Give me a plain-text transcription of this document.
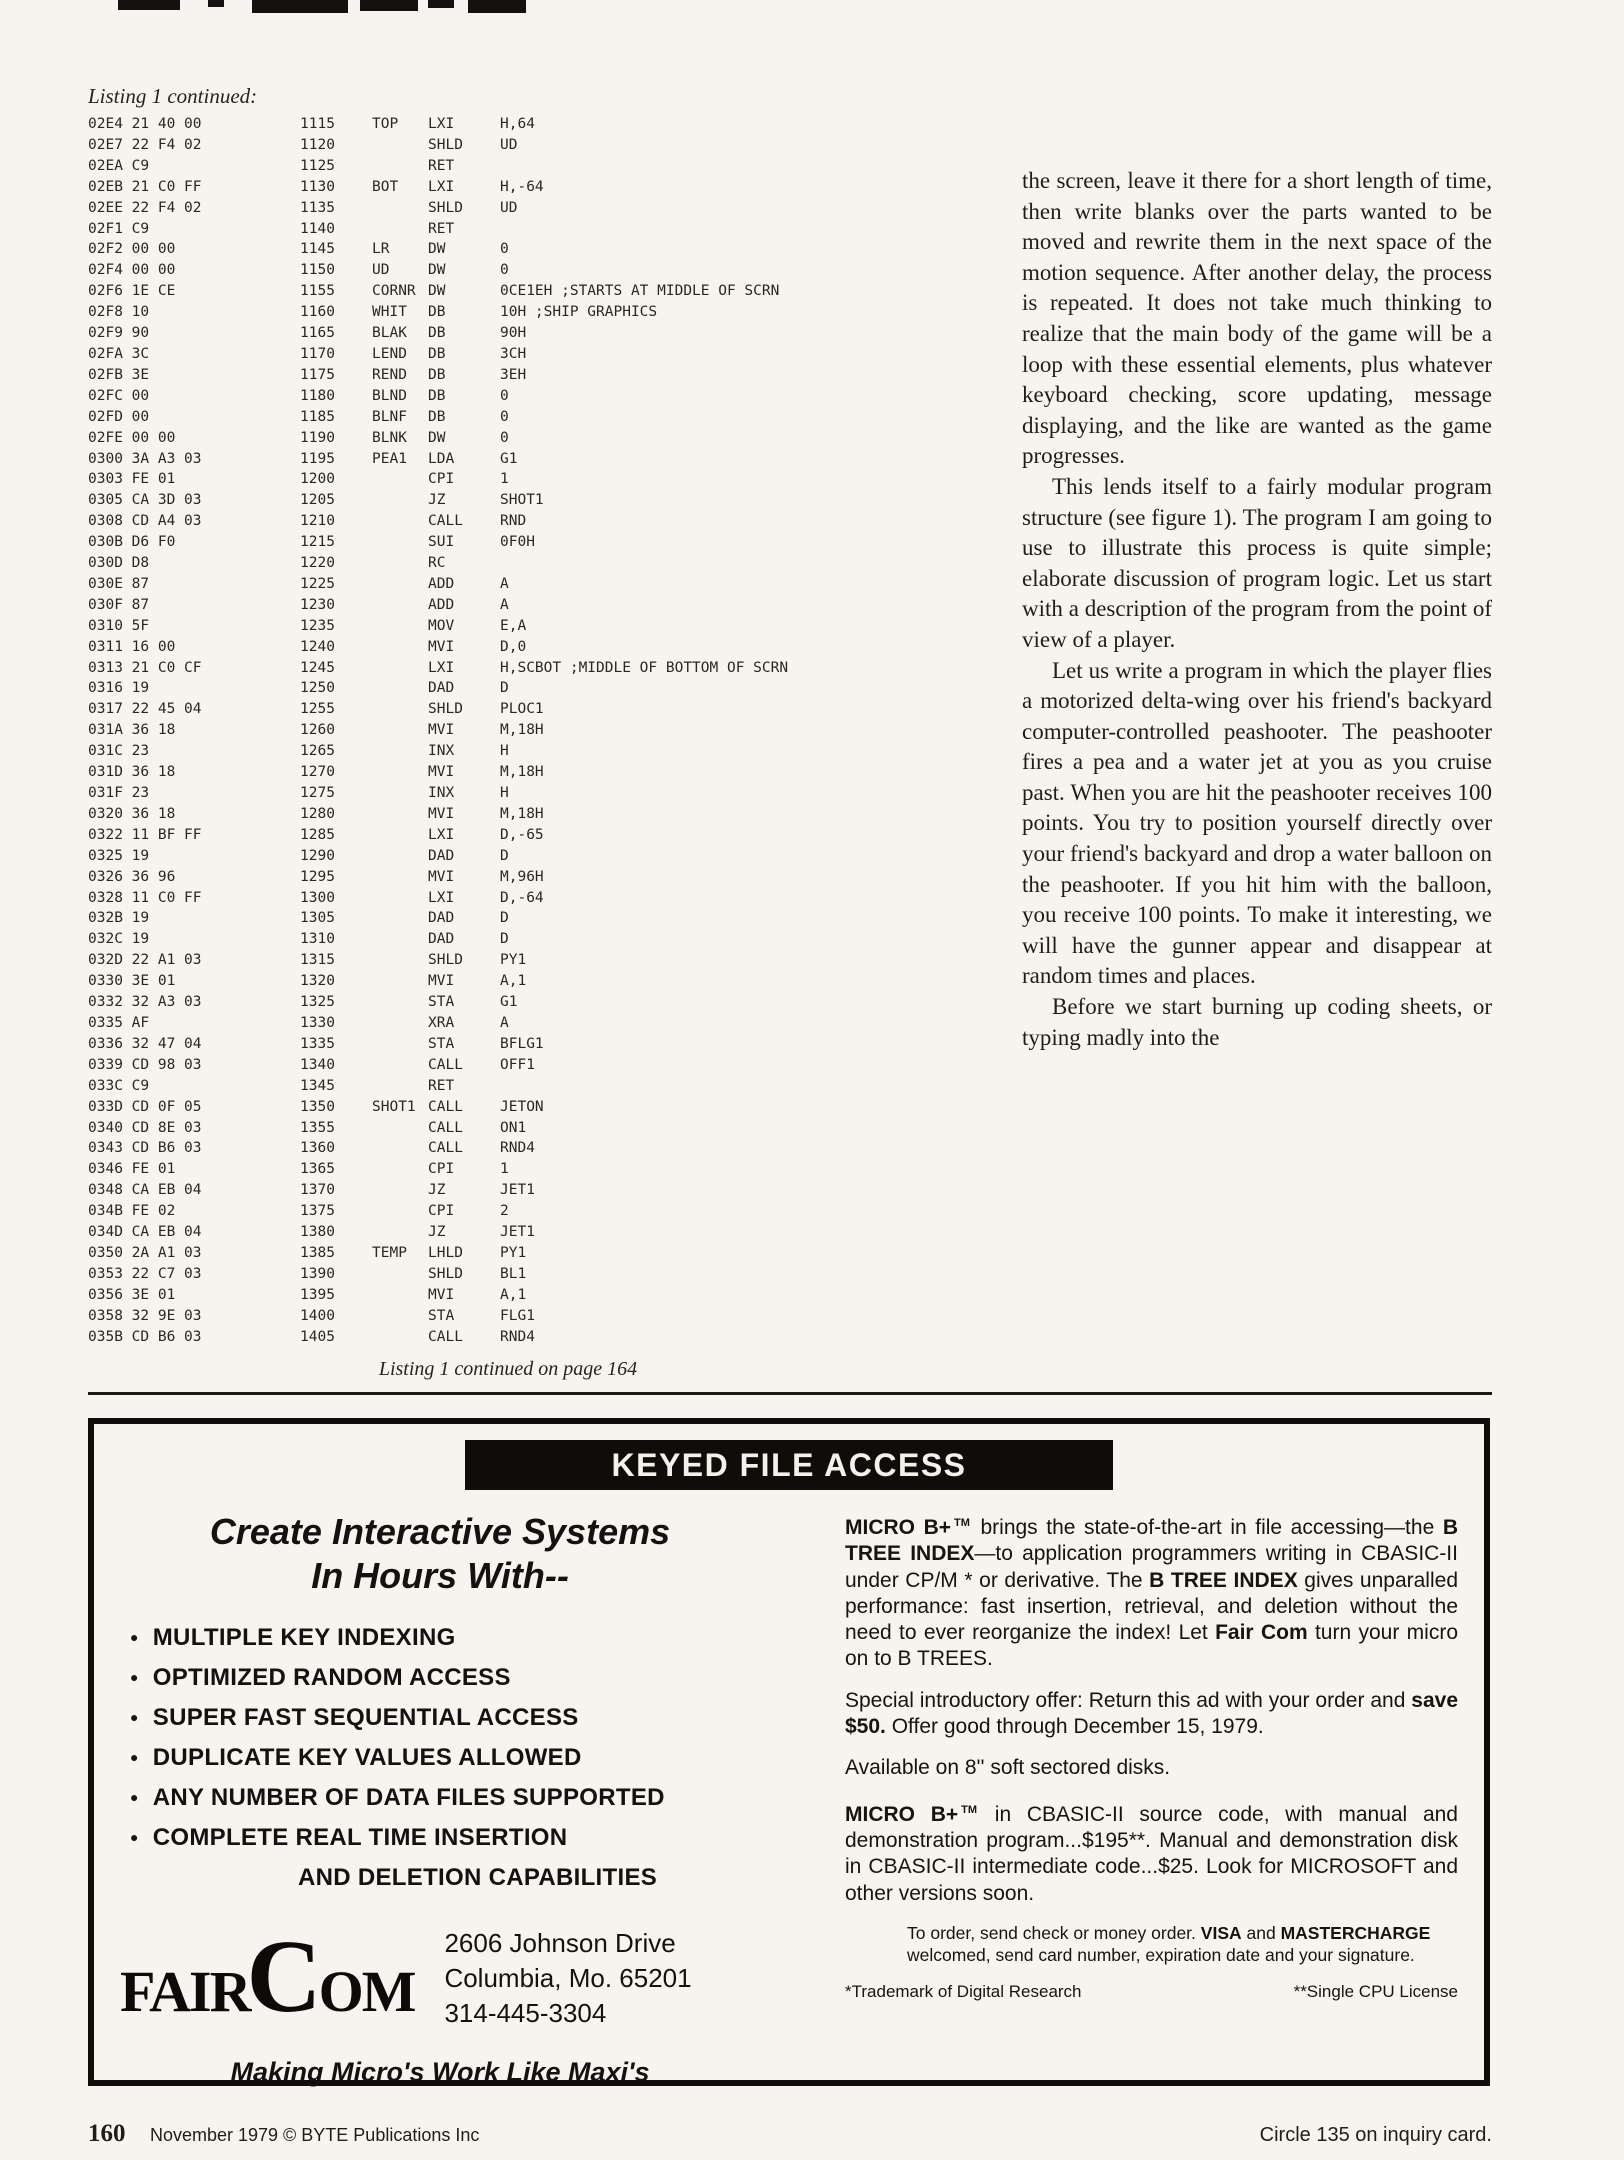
Listing 1 continued:
02E4 21 40 00	1115	TOP	LXI	H,64
02E7 22 F4 02	1120	SHLD	UD
02EA C9	1125	RET
02EB 21 C0 FF	1130	BOT	LXI	H,-64
02EE 22 F4 02	1135	SHLD	UD
02F1 C9	1140	RET
02F2 00 00	1145	LR	DW	0
02F4 00 00	1150	UD	DW	0
02F6 1E CE	1155	CORNR DW	0CE1EH ;STARTS AT MIDDLE OF SCRN
02F8 10	1160	WHIT	DB	10H ;SHIP GRAPHICS
02F9 90	1165	BLAK	DB	90H
02FA 3C	1170	LEND	DB	3CH
02FB 3E	1175	REND	DB	3EH
02FC 00	1180	BLND	DB	0
02FD 00	1185	BLNF	DB	0
02FE 00 00	1190	BLNK	DW	0
0300 3A A3 03	1195	PEA1	LDA	G1
0303 FE 01	1200	CPI	1
0305 CA 3D 03	1205	JZ	SHOT1
0308 CD A4 03	1210	CALL	RND
030B D6 F0	1215	SUI	0F0H
030D D8	1220	RC
030E 87	1225	ADD	A
030F 87	1230	ADD	A
0310 5F	1235	MOV	E,A
0311 16 00	1240	MVI	D,0
0313 21 C0 CF	1245	LXI	H,SCBOT ;MIDDLE OF BOTTOM OF SCRN
0316 19	1250	DAD	D
0317 22 45 04	1255	SHLD	PLOC1
031A 36 18	1260	MVI	M,18H
031C 23	1265	INX	H
031D 36 18	1270	MVI	M,18H
031F 23	1275	INX	H
0320 36 18	1280	MVI	M,18H
0322 11 BF FF	1285	LXI	D,-65
0325 19	1290	DAD	D
0326 36 96	1295	MVI	M,96H
0328 11 C0 FF	1300	LXI	D,-64
032B 19	1305	DAD	D
032C 19	1310	DAD	D
032D 22 A1 03	1315	SHLD	PY1
0330 3E 01	1320	MVI	A,1
0332 32 A3 03	1325	STA	G1
0335 AF	1330	XRA	A
0336 32 47 04	1335	STA	BFLG1
0339 CD 98 03	1340	CALL	OFF1
033C C9	1345	RET
033D CD 0F 05	1350	SHOT1 CALL	JETON
0340 CD 8E 03	1355	CALL	ON1
0343 CD B6 03	1360	CALL	RND4
0346 FE 01	1365	CPI	1
0348 CA EB 04	1370	JZ	JET1
034B FE 02	1375	CPI	2
034D CA EB 04	1380	JZ	JET1
0350 2A A1 03	1385	TEMP	LHLD	PY1
0353 22 C7 03	1390	SHLD	BL1
0356 3E 01	1395	MVI	A,1
0358 32 9E 03	1400	STA	FLG1
035B CD B6 03	1405	CALL	RND4
Listing 1 continued on page 164

the screen, leave it there for a short length of time, then write blanks over the parts wanted to be moved and rewrite them in the next space of the motion sequence. After another delay, the process is repeated. It does not take much thinking to realize that the main body of the game will be a loop with these essential elements, plus whatever keyboard checking, score updating, message displaying, and the like are wanted as the game progresses.

This lends itself to a fairly modular program structure (see figure 1). The program I am going to use to illustrate this process is quite simple; elaborate discussion of program logic. Let us start with a description of the program from the point of view of a player.

Let us write a program in which the player flies a motorized delta-wing over his friend's backyard computer-controlled peashooter. The peashooter fires a pea and a water jet at you as you cruise past. When you are hit the peashooter receives 100 points. You try to position yourself directly over your friend's backyard and drop a water balloon on the peashooter. If you hit him with the balloon, you receive 100 points. To make it interesting, we will have the gunner appear and disappear at random times and places.

Before we start burning up coding sheets, or typing madly into the

KEYED FILE ACCESS
Create Interactive Systems
In Hours With--
● MULTIPLE KEY INDEXING
● OPTIMIZED RANDOM ACCESS
● SUPER FAST SEQUENTIAL ACCESS
● DUPLICATE KEY VALUES ALLOWED
● ANY NUMBER OF DATA FILES SUPPORTED
● COMPLETE REAL TIME INSERTION
AND DELETION CAPABILITIES
FAIR
C
OM
2606 Johnson Drive
Columbia, Mo. 65201
314-445-3304
Making Micro's Work Like Maxi's

MICRO B+ ™ brings the state-of-the-art in file accessing—the B TREE INDEX—to application programmers writing in CBASIC-II under CP/M * or derivative. The B TREE INDEX gives unparalled performance: fast insertion, retrieval, and deletion without the need to ever reorganize the index! Let Fair Com turn your micro on to B TREES.

Special introductory offer: Return this ad with your order and save $50. Offer good through December 15, 1979.

Available on 8'' soft sectored disks.

MICRO B+ ™ in CBASIC-II source code, with manual and demonstration program...$195**. Manual and demonstration disk in CBASIC-II intermediate code...$25. Look for MICROSOFT and other versions soon.

To order, send check or money order. VISA and MASTERCHARGE welcomed, send card number, expiration date and your signature.

*Trademark of Digital Research	**Single CPU License
160 November 1979 © BYTE Publications Inc	Circle 135 on inquiry card.
